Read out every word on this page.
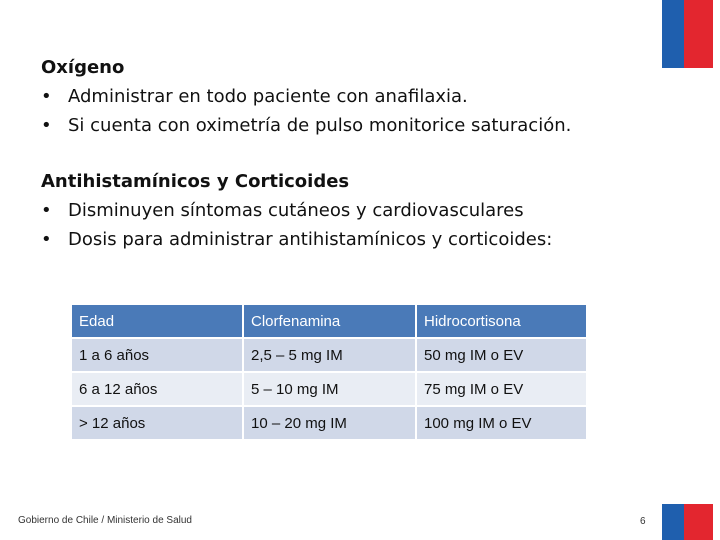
Oxígeno
• Administrar en todo paciente con anafilaxia.
• Si cuenta con oximetría de pulso monitorice saturación.
Antihistamínicos y Corticoides
• Disminuyen síntomas cutáneos y cardiovasculares
• Dosis para administrar antihistamínicos y corticoides:
Edad	Clorfenamina	Hidrocortisona
1 a 6 años	2,5 – 5 mg IM	50 mg IM o EV
6 a 12 años	5 – 10 mg IM	75 mg IM o EV
> 12 años	10 – 20 mg IM	100 mg IM o EV
Gobierno de Chile / Ministerio de Salud	6
